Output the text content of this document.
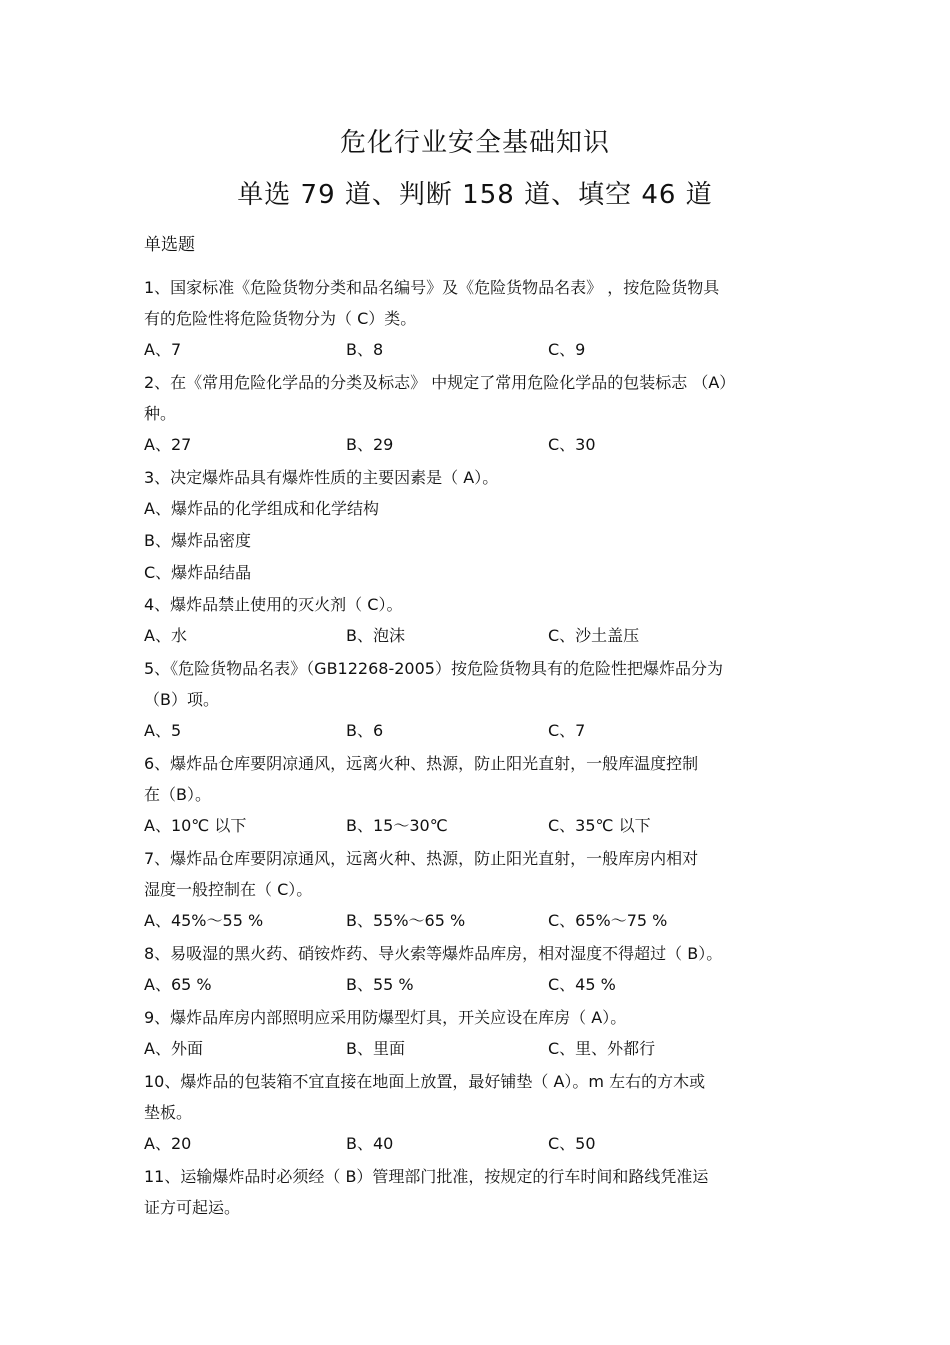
危化行业安全基础知识
单选 79 道、判断 158 道、填空 46 道
单选题

1、国家标准《危险货物分类和品名编号》及《危险货物品名表》 ，按危险货物具

有的危险性将危险货物分为（ C）类。

A、7	B、8	C、9

2、在《常用危险化学品的分类及标志》 中规定了常用危险化学品的包装标志 （A）

种。

A、27	B、29	C、30

3、决定爆炸品具有爆炸性质的主要因素是（ A）。

A、爆炸品的化学组成和化学结构
B、爆炸品密度
C、爆炸品结晶

4、爆炸品禁止使用的灭火剂（ C）。

A、水	B、泡沫	C、沙土盖压

5、《危险货物品名表》（GB12268-2005）按危险货物具有的危险性把爆炸品分为

（B）项。

A、5	B、6	C、7

6、爆炸品仓库要阴凉通风，远离火种、热源，防止阳光直射，一般库温度控制

在（B）。

A、10℃ 以下	B、15～30℃	C、35℃ 以下

7、爆炸品仓库要阴凉通风，远离火种、热源，防止阳光直射，一般库房内相对

湿度一般控制在（ C）。

A、45%～55 %	B、55%～65 %	C、65%～75 %

8、易吸湿的黑火药、硝铵炸药、导火索等爆炸品库房，相对湿度不得超过（ B）。

A、65 %	B、55 %	C、45 %

9、爆炸品库房内部照明应采用防爆型灯具，开关应设在库房（ A）。

A、外面	B、里面	C、里、外都行

10、爆炸品的包装箱不宜直接在地面上放置，最好铺垫（ A）。m 左右的方木或

垫板。

A、20	B、40	C、50

11、运输爆炸品时必须经（ B）管理部门批准，按规定的行车时间和路线凭准运

证方可起运。
